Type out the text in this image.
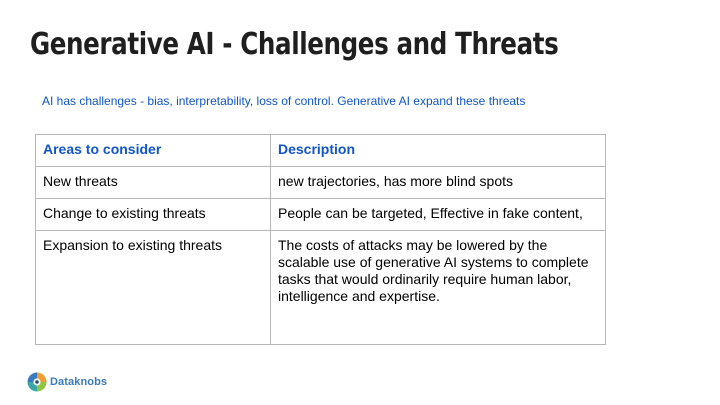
Generative AI - Challenges and Threats

AI has challenges - bias, interpretability, loss of control. Generative AI expand these threats

Areas to consider	Description
New threats	new trajectories, has more blind spots
Change to existing threats	People can be targeted, Effective in fake content,
Expansion to existing threats	The costs of attacks may be lowered by the scalable use of generative AI systems to complete tasks that would ordinarily require human labor, intelligence and expertise.
Dataknobs
